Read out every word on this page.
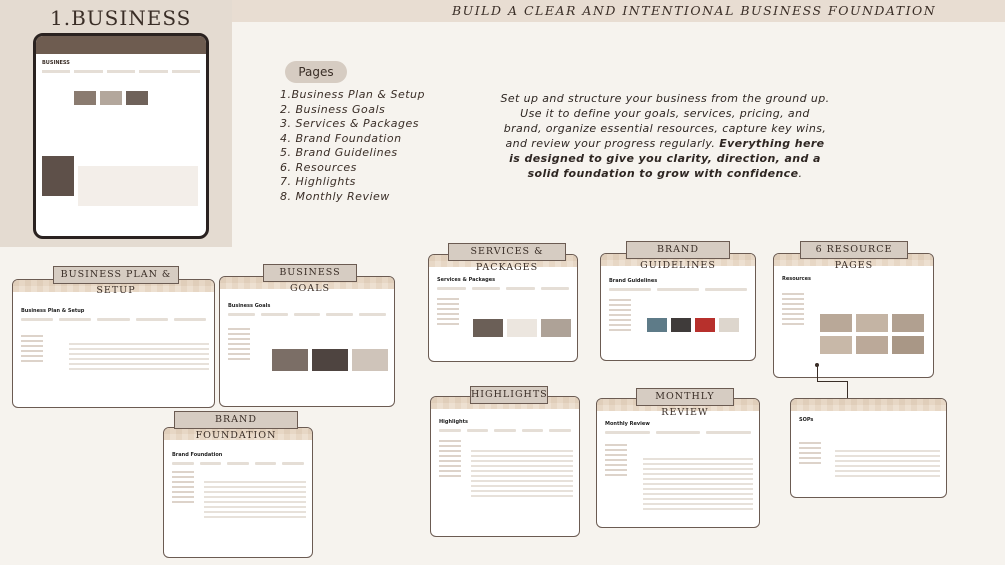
1.BUSINESS
BUSINESS
BUILD A CLEAR AND INTENTIONAL BUSINESS FOUNDATION
Pages
1.Business Plan & Setup
2. Business Goals
3. Services & Packages
4. Brand Foundation
5. Brand Guidelines
6. Resources
7. Highlights
8. Monthly Review
Set up and structure your business from the ground up. Use it to define your goals, services, pricing, and brand, organize essential resources, capture key wins, and review your progress regularly. Everything here is designed to give you clarity, direction, and a solid foundation to grow with confidence.
Business Plan & Setup
BUSINESS PLAN & SETUP
Business Goals
BUSINESS GOALS
Brand Foundation
BRAND FOUNDATION
Services & Packages
SERVICES & PACKAGES
Brand Guidelines
BRAND GUIDELINES
Resources
6 RESOURCE PAGES
SOPs
Highlights
HIGHLIGHTS
Monthly Review
MONTHLY REVIEW
